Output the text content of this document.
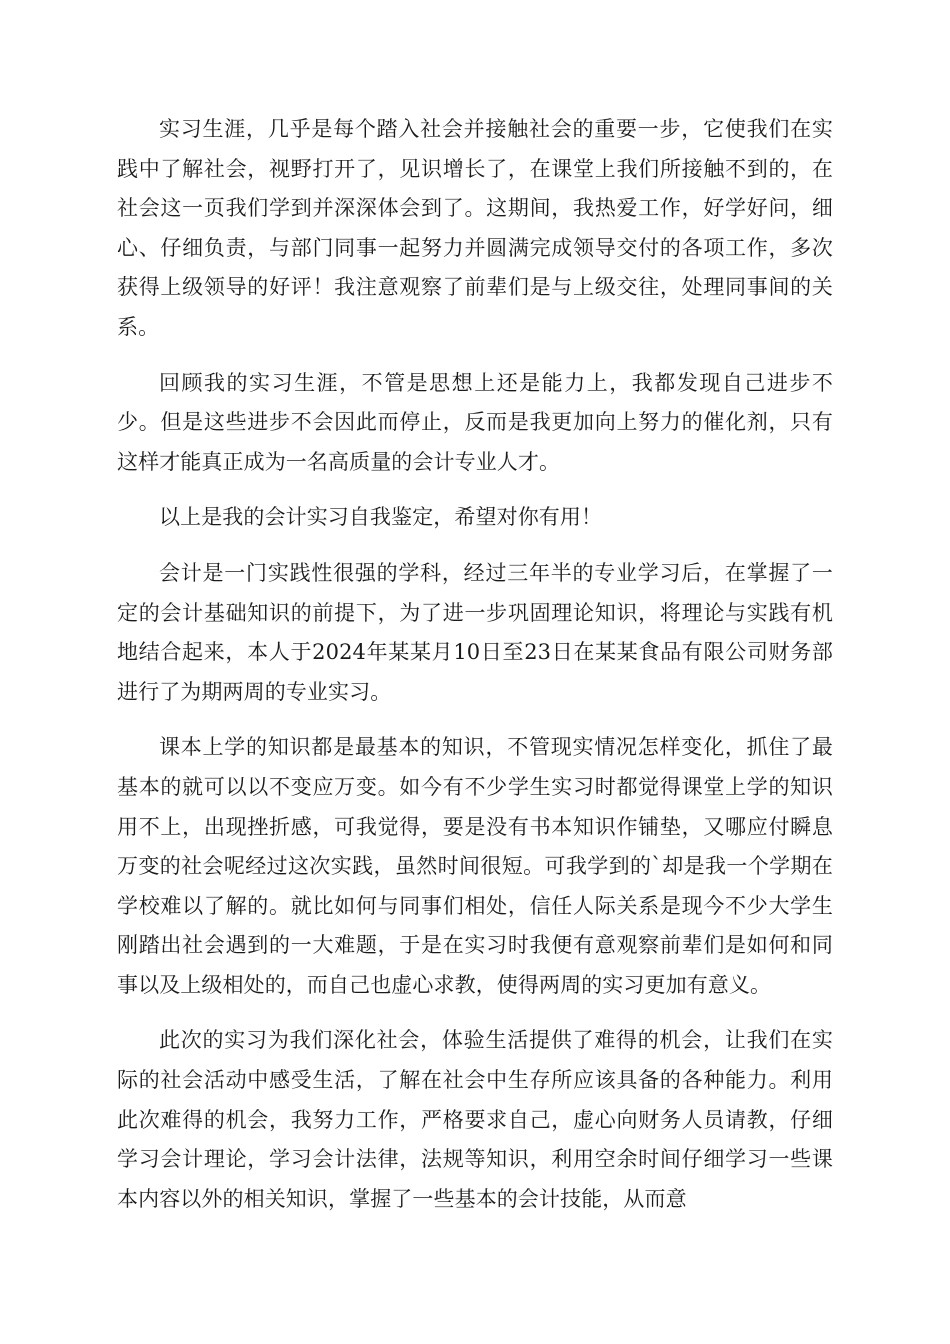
实习生涯，几乎是每个踏入社会并接触社会的重要一步，它使我们在实践中了解社会，视野打开了，见识增长了，在课堂上我们所接触不到的，在社会这一页我们学到并深深体会到了。这期间，我热爱工作，好学好问，细心、仔细负责，与部门同事一起努力并圆满完成领导交付的各项工作，多次获得上级领导的好评！我注意观察了前辈们是与上级交往，处理同事间的关系。

回顾我的实习生涯，不管是思想上还是能力上，我都发现自己进步不少。但是这些进步不会因此而停止，反而是我更加向上努力的催化剂，只有这样才能真正成为一名高质量的会计专业人才。

以上是我的会计实习自我鉴定，希望对你有用！

会计是一门实践性很强的学科，经过三年半的专业学习后，在掌握了一定的会计基础知识的前提下，为了进一步巩固理论知识，将理论与实践有机地结合起来，本人于2024年某某月10日至23日在某某食品有限公司财务部进行了为期两周的专业实习。

课本上学的知识都是最基本的知识，不管现实情况怎样变化，抓住了最基本的就可以以不变应万变。如今有不少学生实习时都觉得课堂上学的知识用不上，出现挫折感，可我觉得，要是没有书本知识作铺垫，又哪应付瞬息万变的社会呢经过这次实践，虽然时间很短。可我学到的`却是我一个学期在学校难以了解的。就比如何与同事们相处，信任人际关系是现今不少大学生刚踏出社会遇到的一大难题，于是在实习时我便有意观察前辈们是如何和同事以及上级相处的，而自己也虚心求教，使得两周的实习更加有意义。

此次的实习为我们深化社会，体验生活提供了难得的机会，让我们在实际的社会活动中感受生活，了解在社会中生存所应该具备的各种能力。利用此次难得的机会，我努力工作，严格要求自己，虚心向财务人员请教，仔细学习会计理论，学习会计法律，法规等知识，利用空余时间仔细学习一些课本内容以外的相关知识，掌握了一些基本的会计技能，从而意
